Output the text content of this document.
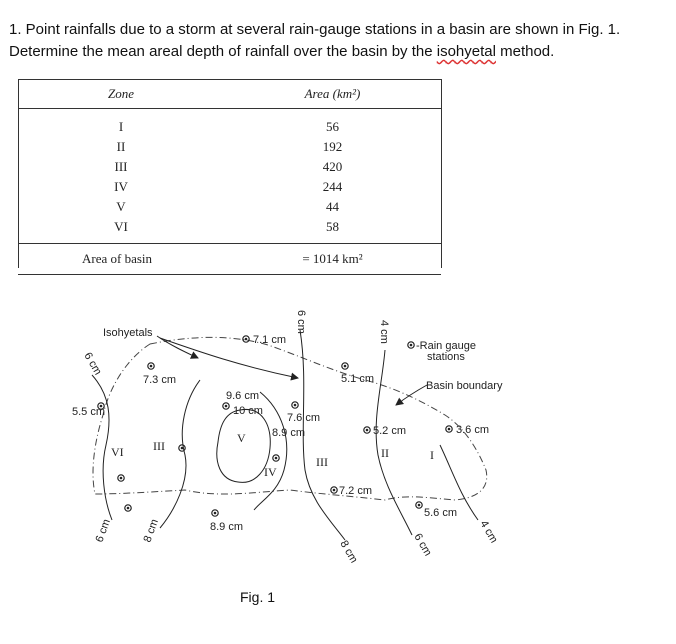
1. Point rainfalls due to a storm at several rain-gauge stations in a basin are shown in Fig. 1.
Determine the mean areal depth of rainfall over the basin by the isohyetal method.
Zone	Area (km²)
I	56
II	192
III	420
IV	244
V	44
VI	58
Area of basin	= 1014 km²
Isohyetals
-Rain gauge
stations
Basin boundary
7.1 cm
7.3 cm	5.1 cm
9.6 cm
7.6 cm
5.2 cm	3.6 cm
8.9 cm
8.9 cm
7.2 cm
5.6 cm
6 cm
5.5 cm
6 cm	8 cm
10 cm
6 cm	4 cm
8 cm	6 cm	4 cm
VI III
V
IV
III
II	I
Fig. 1
